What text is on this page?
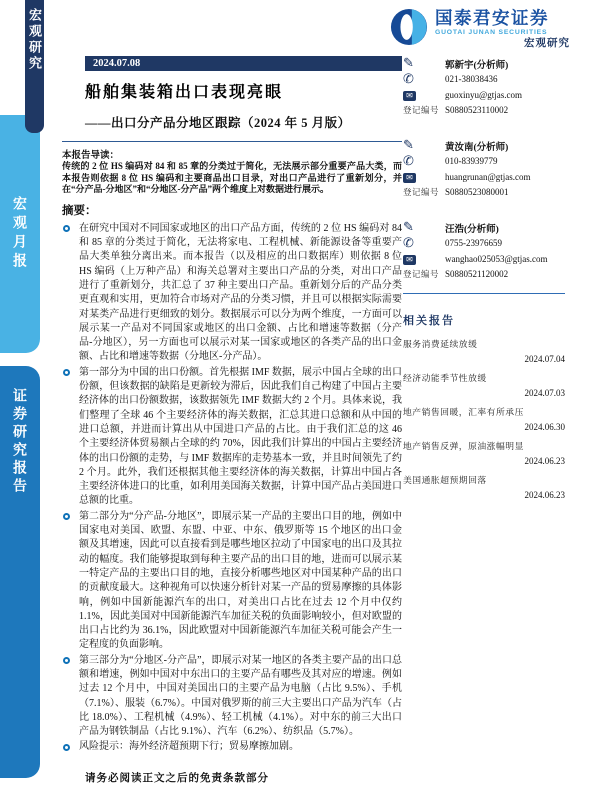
宏观月报
宏观研究
证券研究报告
国泰君安证券
GUOTAI JUNAN SECURITIES
宏观研究
2024.07.08
船舶集装箱出口表现亮眼
——出口分产品分地区跟踪（2024 年 5 月版）
本报告导读：
传统的 2 位 HS 编码对 84 和 85 章的分类过于简化，无法展示部分重要产品大类，而本报告则依据 8 位 HS 编码和主要商品出口目录，对出口产品进行了重新划分，并在“分产品-分地区”和“分地区-分产品”两个维度上对数据进行展示。
摘要：
在研究中国对不同国家或地区的出口产品方面，传统的 2 位 HS 编码对 84 和 85 章的分类过于简化，无法将家电、工程机械、新能源设备等重要产品大类单独分离出来。而本报告（以及相应的出口数据库）则依据 8 位 HS 编码（上万种产品）和海关总署对主要出口产品的分类，对出口产品进行了重新划分，共汇总了 37 种主要出口产品。重新划分后的产品分类更直观和实用，更加符合市场对产品的分类习惯，并且可以根据实际需要对某类产品进行更细致的划分。数据展示可以分为两个维度，一方面可以展示某一产品对不同国家或地区的出口金额、占比和增速等数据（分产品-分地区），另一方面也可以展示对某一国家或地区的各类产品的出口金额、占比和增速等数据（分地区-分产品）。
第一部分为中国的出口份额。首先根据 IMF 数据，展示中国占全球的出口份额，但该数据的缺陷是更新较为滞后，因此我们自己构建了中国占主要经济体的出口份额数据，该数据领先 IMF 数据大约 2 个月。具体来说，我们整理了全球 46 个主要经济体的海关数据，汇总其进口总额和从中国的进口总额，并进而计算出从中国进口产品的占比。由于我们汇总的这 46 个主要经济体贸易额占全球的约 70%，因此我们计算出的中国占主要经济体的出口份额的走势，与 IMF 数据库的走势基本一致，并且时间领先了约 2 个月。此外，我们还根据其他主要经济体的海关数据，计算出中国占各主要经济体进口的比重，如利用美国海关数据，计算中国产品占美国进口总额的比重。
第二部分为“分产品-分地区”，即展示某一产品的主要出口目的地，例如中国家电对美国、欧盟、东盟、中亚、中东、俄罗斯等 15 个地区的出口金额及其增速，因此可以直接看到是哪些地区拉动了中国家电的出口及其拉动的幅度。我们能够提取到每种主要产品的出口目的地，进而可以展示某一特定产品的主要出口目的地，直接分析哪些地区对中国某种产品的出口的贡献度最大。这种视角可以快速分析针对某一产品的贸易摩擦的具体影响，例如中国新能源汽车的出口，对美出口占比在过去 12 个月中仅约 1.1%，因此美国对中国新能源汽车加征关税的负面影响较小，但对欧盟的出口占比约为 36.1%，因此欧盟对中国新能源汽车加征关税可能会产生一定程度的负面影响。
第三部分为“分地区-分产品”，即展示对某一地区的各类主要产品的出口总额和增速，例如中国对中东出口的主要产品有哪些及其对应的增速。例如过去 12 个月中，中国对美国出口的主要产品为电脑（占比 9.5%）、手机（7.1%）、服装（6.7%）。中国对俄罗斯的前三大主要出口产品为汽车（占比 18.0%）、工程机械（4.9%）、轻工机械（4.1%）。对中东的前三大出口产品为钢铁制品（占比 9.1%）、汽车（6.2%）、纺织品（5.7%）。
风险提示：海外经济超预期下行；贸易摩擦加剧。
✎	郭新宇(分析师)
✆	021-38038436
✉	guoxinyu@gtjas.com
登记编号 S0880523110002
✎	黄汝南(分析师)
✆	010-83939779
✉	huangrunan@gtjas.com
登记编号 S0880523080001
✎	汪浩(分析师)
✆	0755-23976659
✉	wanghao025053@gtjas.com
登记编号 S0880521120002
相关报告
服务消费延续放缓
2024.07.04
经济动能季节性放缓
2024.07.03
地产销售回暖，汇率有所承压
2024.06.30
地产销售反弹，原油涨幅明显
2024.06.23
美国通胀超预期回落
2024.06.23
请务必阅读正文之后的免责条款部分
